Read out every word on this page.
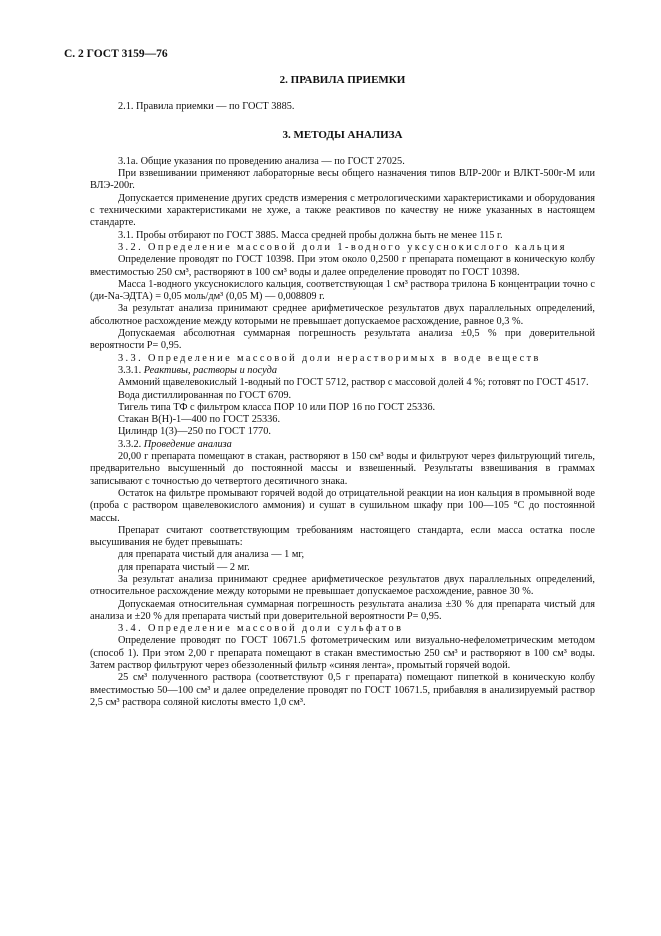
С. 2 ГОСТ 3159—76
2. ПРАВИЛА ПРИЕМКИ

2.1. Правила приемки — по ГОСТ 3885.

3. МЕТОДЫ АНАЛИЗА

3.1а. Общие указания по проведению анализа — по ГОСТ 27025.

При взвешивании применяют лабораторные весы общего назначения типов ВЛР-200г и ВЛКТ-500г-М или ВЛЭ-200г.

Допускается применение других средств измерения с метрологическими характеристиками и оборудования с техническими характеристиками не хуже, а также реактивов по качеству не ниже указанных в настоящем стандарте.

3.1. Пробы отбирают по ГОСТ 3885. Масса средней пробы должна быть не менее 115 г.

3.2. Определение массовой доли 1-водного уксуснокислого кальция

Определение проводят по ГОСТ 10398. При этом около 0,2500 г препарата помещают в коническую колбу вместимостью 250 см³, растворяют в 100 см³ воды и далее определение проводят по ГОСТ 10398.

Масса 1-водного уксуснокислого кальция, соответствующая 1 см³ раствора трилона Б концентрации точно с (ди-Na-ЭДТА) = 0,05 моль/дм³ (0,05 М) — 0,008809 г.

За результат анализа принимают среднее арифметическое результатов двух параллельных определений, абсолютное расхождение между которыми не превышает допускаемое расхождение, равное 0,3 %.

Допускаемая абсолютная суммарная погрешность результата анализа ±0,5 % при доверительной вероятности P= 0,95.

3.3. Определение массовой доли нерастворимых в воде веществ

3.3.1. Реактивы, растворы и посуда

Аммоний щавелевокислый 1-водный по ГОСТ 5712, раствор с массовой долей 4 %; готовят по ГОСТ 4517.

Вода дистиллированная по ГОСТ 6709.

Тигель типа ТФ с фильтром класса ПОР 10 или ПОР 16 по ГОСТ 25336.

Стакан В(Н)-1—400 по ГОСТ 25336.

Цилиндр 1(3)—250 по ГОСТ 1770.

3.3.2. Проведение анализа

20,00 г препарата помещают в стакан, растворяют в 150 см³ воды и фильтруют через фильтрующий тигель, предварительно высушенный до постоянной массы и взвешенный. Результаты взвешивания в граммах записывают с точностью до четвертого десятичного знака.

Остаток на фильтре промывают горячей водой до отрицательной реакции на ион кальция в промывной воде (проба с раствором щавелевокислого аммония) и сушат в сушильном шкафу при 100—105 °С до постоянной массы.

Препарат считают соответствующим требованиям настоящего стандарта, если масса остатка после высушивания не будет превышать:

для препарата чистый для анализа — 1 мг,

для препарата чистый — 2 мг.

За результат анализа принимают среднее арифметическое результатов двух параллельных определений, относительное расхождение между которыми не превышает допускаемое расхождение, равное 30 %.

Допускаемая относительная суммарная погрешность результата анализа ±30 % для препарата чистый для анализа и ±20 % для препарата чистый при доверительной вероятности P= 0,95.

3.4. Определение массовой доли сульфатов

Определение проводят по ГОСТ 10671.5 фотометрическим или визуально-нефелометрическим методом (способ 1). При этом 2,00 г препарата помещают в стакан вместимостью 250 см³ и растворяют в 100 см³ воды. Затем раствор фильтруют через обеззоленный фильтр «синяя лента», промытый горячей водой.

25 см³ полученного раствора (соответствуют 0,5 г препарата) помещают пипеткой в коническую колбу вместимостью 50—100 см³ и далее определение проводят по ГОСТ 10671.5, прибавляя в анализируемый раствор 2,5 см³ раствора соляной кислоты вместо 1,0 см³.
